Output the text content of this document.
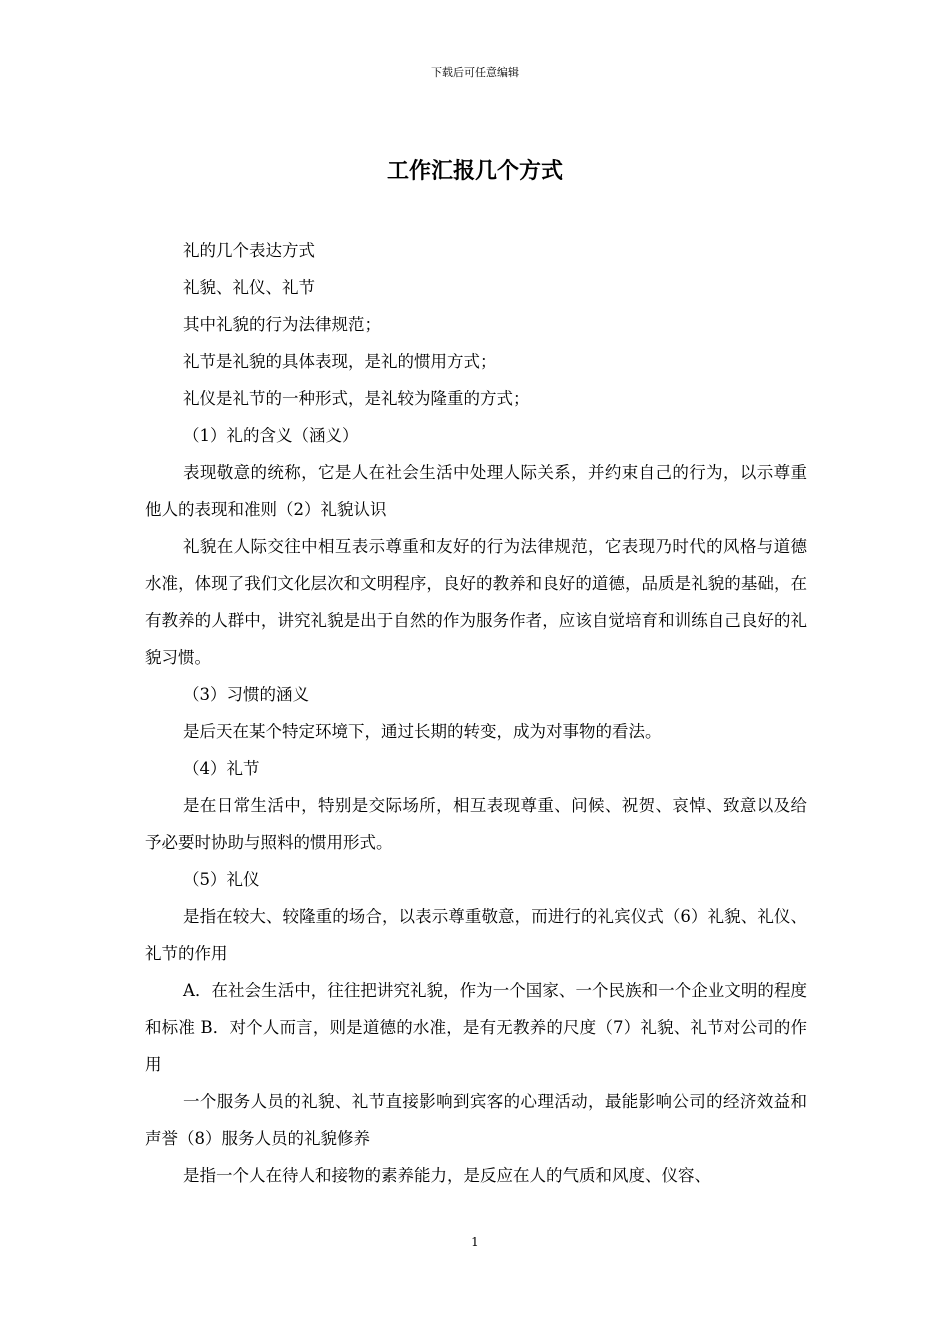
下载后可任意编辑
工作汇报几个方式

礼的几个表达方式

礼貌、礼仪、礼节

其中礼貌的行为法律规范；

礼节是礼貌的具体表现，是礼的惯用方式；

礼仪是礼节的一种形式，是礼较为隆重的方式；

（1）礼的含义（涵义）

表现敬意的统称，它是人在社会生活中处理人际关系，并约束自己的行为，以示尊重他人的表现和准则（2）礼貌认识

礼貌在人际交往中相互表示尊重和友好的行为法律规范，它表现乃时代的风格与道德水准，体现了我们文化层次和文明程序，良好的教养和良好的道德，品质是礼貌的基础，在有教养的人群中，讲究礼貌是出于自然的作为服务作者，应该自觉培育和训练自己良好的礼貌习惯。

（3）习惯的涵义

是后天在某个特定环境下，通过长期的转变，成为对事物的看法。

（4）礼节

是在日常生活中，特别是交际场所，相互表现尊重、问候、祝贺、哀悼、致意以及给予必要时协助与照料的惯用形式。

（5）礼仪

是指在较大、较隆重的场合，以表示尊重敬意，而进行的礼宾仪式（6）礼貌、礼仪、礼节的作用

A．在社会生活中，往往把讲究礼貌，作为一个国家、一个民族和一个企业文明的程度和标准 B．对个人而言，则是道德的水准，是有无教养的尺度（7）礼貌、礼节对公司的作用

一个服务人员的礼貌、礼节直接影响到宾客的心理活动，最能影响公司的经济效益和声誉（8）服务人员的礼貌修养

是指一个人在待人和接物的素养能力，是反应在人的气质和风度、仪容、

1
